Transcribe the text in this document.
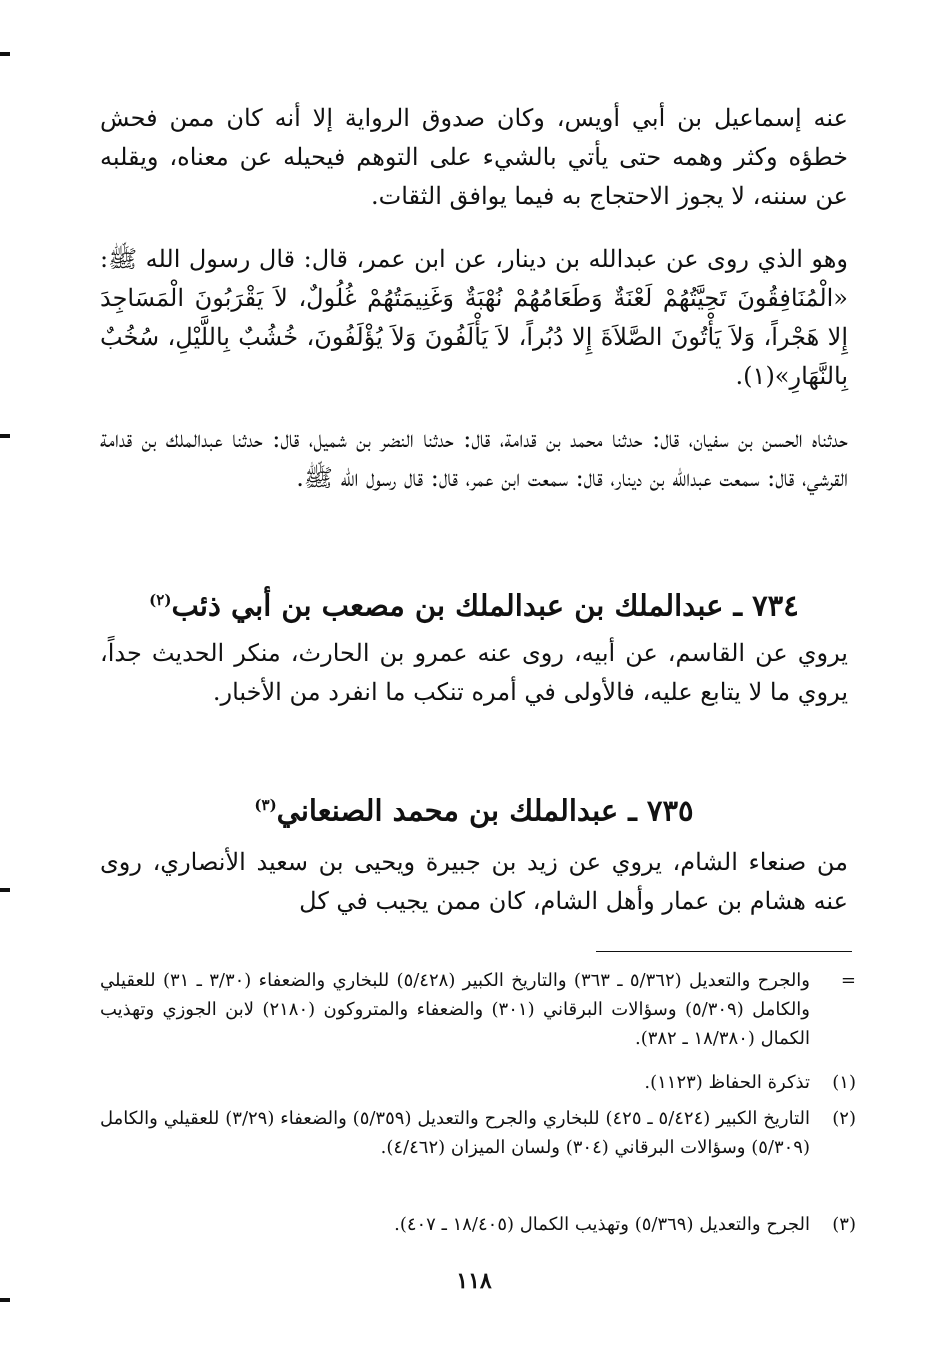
عنه إسماعيل بن أبي أويس، وكان صدوق الرواية إلا أنه كان ممن فحش خطؤه وكثر وهمه حتى يأتي بالشيء على التوهم فيحيله عن معناه، ويقلبه عن سننه، لا يجوز الاحتجاج به فيما يوافق الثقات.

وهو الذي روى عن عبدالله بن دينار، عن ابن عمر، قال: قال رسول الله ﷺ: «الْمُنَافِقُونَ تَحِيَّتُهُمْ لَعْنَةٌ وَطَعَامُهُمْ نُهْبَةٌ وَغَنِيمَتُهُمْ غُلُولٌ، لاَ يَقْرَبُونَ الْمَسَاجِدَ إِلا هَجْراً، وَلاَ يَأْتُونَ الصَّلاَةَ إِلا دُبُراً، لاَ يَأْلَفُونَ وَلاَ يُؤْلَفُونَ، خُشُبٌ بِاللَّيْلِ، سُخُبٌ بِالنَّهَارِ»(١).

حدثناه الحسن بن سفيان، قال: حدثنا محمد بن قدامة، قال: حدثنا النضر بن شميل، قال: حدثنا عبدالملك بن قدامة القرشي، قال: سمعت عبدالله بن دينار، قال: سمعت ابن عمر، قال: قال رسول الله ﷺ.

٧٣٤ ـ عبدالملك بن عبدالملك بن مصعب بن أبي ذئب$^{(٢)}$

يروي عن القاسم، عن أبيه، روى عنه عمرو بن الحارث، منكر الحديث جداً، يروي ما لا يتابع عليه، فالأولى في أمره تنكب ما انفرد من الأخبار.

٧٣٥ ـ عبدالملك بن محمد الصنعاني$^{(٣)}$

من صنعاء الشام، يروي عن زيد بن جبيرة ويحيى بن سعيد الأنصاري، روى عنه هشام بن عمار وأهل الشام، كان ممن يجيب في كل

=
والجرح والتعديل (٥/٣٦٢ ـ ٣٦٣) والتاريخ الكبير (٥/٤٢٨) للبخاري والضعفاء (٣/٣٠ ـ ٣١) للعقيلي والكامل (٥/٣٠٩) وسؤالات البرقاني (٣٠١) والضعفاء والمتروكون (٢١٨٠) لابن الجوزي وتهذيب الكمال (١٨/٣٨٠ ـ ٣٨٢).
(١)
تذكرة الحفاظ (١١٢٣).
(٢)
التاريخ الكبير (٥/٤٢٤ ـ ٤٢٥) للبخاري والجرح والتعديل (٥/٣٥٩) والضعفاء (٣/٢٩) للعقيلي والكامل (٥/٣٠٩) وسؤالات البرقاني (٣٠٤) ولسان الميزان (٤/٤٦٢).
(٣)
الجرح والتعديل (٥/٣٦٩) وتهذيب الكمال (١٨/٤٠٥ ـ ٤٠٧).
١١٨
